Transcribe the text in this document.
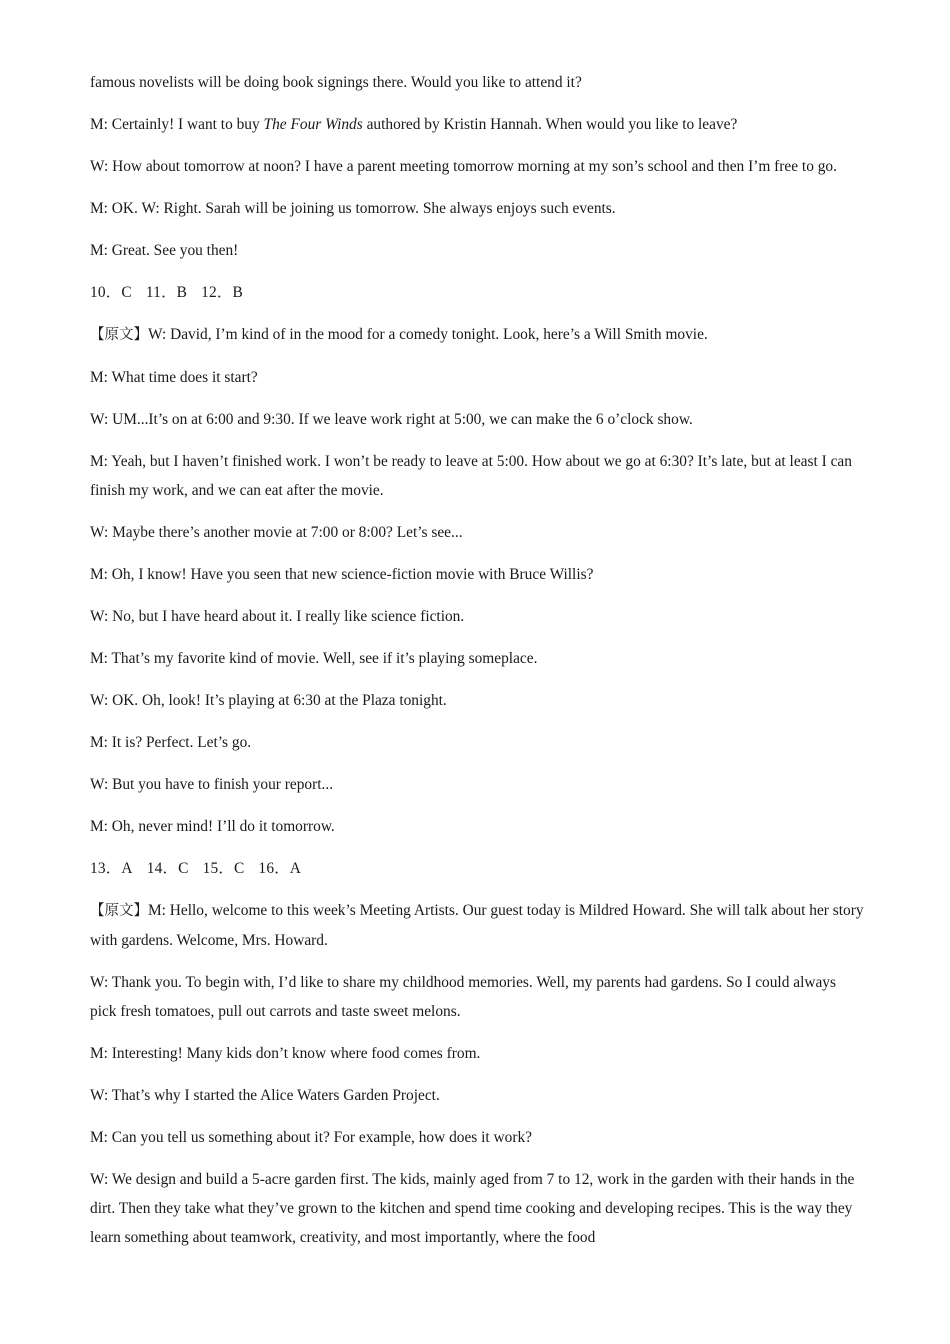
famous novelists will be doing book signings there. Would you like to attend it?

M: Certainly! I want to buy The Four Winds authored by Kristin Hannah. When would you like to leave?

W: How about tomorrow at noon? I have a parent meeting tomorrow morning at my son’s school and then I’m free to go.

M: OK. W: Right. Sarah will be joining us tomorrow. She always enjoys such events.

M: Great. See you then!

10．C 11．B 12．B

【原文】W: David, I’m kind of in the mood for a comedy tonight. Look, here’s a Will Smith movie.

M: What time does it start?

W: UM...It’s on at 6:00 and 9:30. If we leave work right at 5:00, we can make the 6 o’clock show.

M: Yeah, but I haven’t finished work. I won’t be ready to leave at 5:00. How about we go at 6:30? It’s late, but at least I can finish my work, and we can eat after the movie.

W: Maybe there’s another movie at 7:00 or 8:00? Let’s see...

M: Oh, I know! Have you seen that new science-fiction movie with Bruce Willis?

W: No, but I have heard about it. I really like science fiction.

M: That’s my favorite kind of movie. Well, see if it’s playing someplace.

W: OK. Oh, look! It’s playing at 6:30 at the Plaza tonight.

M: It is? Perfect. Let’s go.

W: But you have to finish your report...

M: Oh, never mind! I’ll do it tomorrow.

13．A 14．C 15．C 16．A

【原文】M: Hello, welcome to this week’s Meeting Artists. Our guest today is Mildred Howard. She will talk about her story with gardens. Welcome, Mrs. Howard.

W: Thank you. To begin with, I’d like to share my childhood memories. Well, my parents had gardens. So I could always pick fresh tomatoes, pull out carrots and taste sweet melons.

M: Interesting! Many kids don’t know where food comes from.

W: That’s why I started the Alice Waters Garden Project.

M: Can you tell us something about it? For example, how does it work?

W: We design and build a 5-acre garden first. The kids, mainly aged from 7 to 12, work in the garden with their hands in the dirt. Then they take what they’ve grown to the kitchen and spend time cooking and developing recipes. This is the way they learn something about teamwork, creativity, and most importantly, where the food
